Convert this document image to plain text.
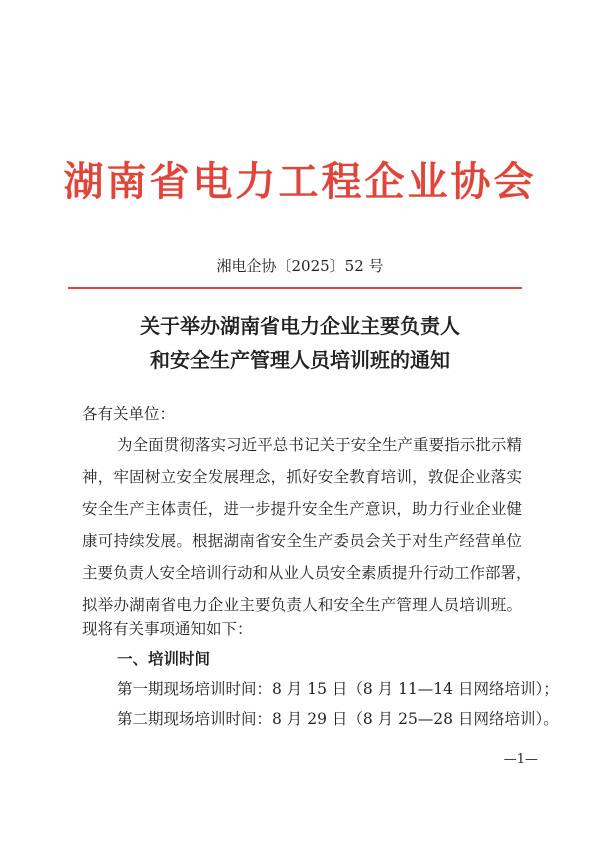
湖南省电力工程企业协会
湘电企协〔2025〕52 号
关于举办湖南省电力企业主要负责人
和安全生产管理人员培训班的通知
各有关单位：
为全面贯彻落实习近平总书记关于安全生产重要指示批示精
神，牢固树立安全发展理念，抓好安全教育培训，敦促企业落实
安全生产主体责任，进一步提升安全生产意识，助力行业企业健
康可持续发展。根据湖南省安全生产委员会关于对生产经营单位
主要负责人安全培训行动和从业人员安全素质提升行动工作部署，
拟举办湖南省电力企业主要负责人和安全生产管理人员培训班。
现将有关事项通知如下：
一、培训时间
第一期现场培训时间：8 月 15 日（8 月 11—14 日网络培训）；
第二期现场培训时间：8 月 29 日（8 月 25—28 日网络培训）。
—1—
